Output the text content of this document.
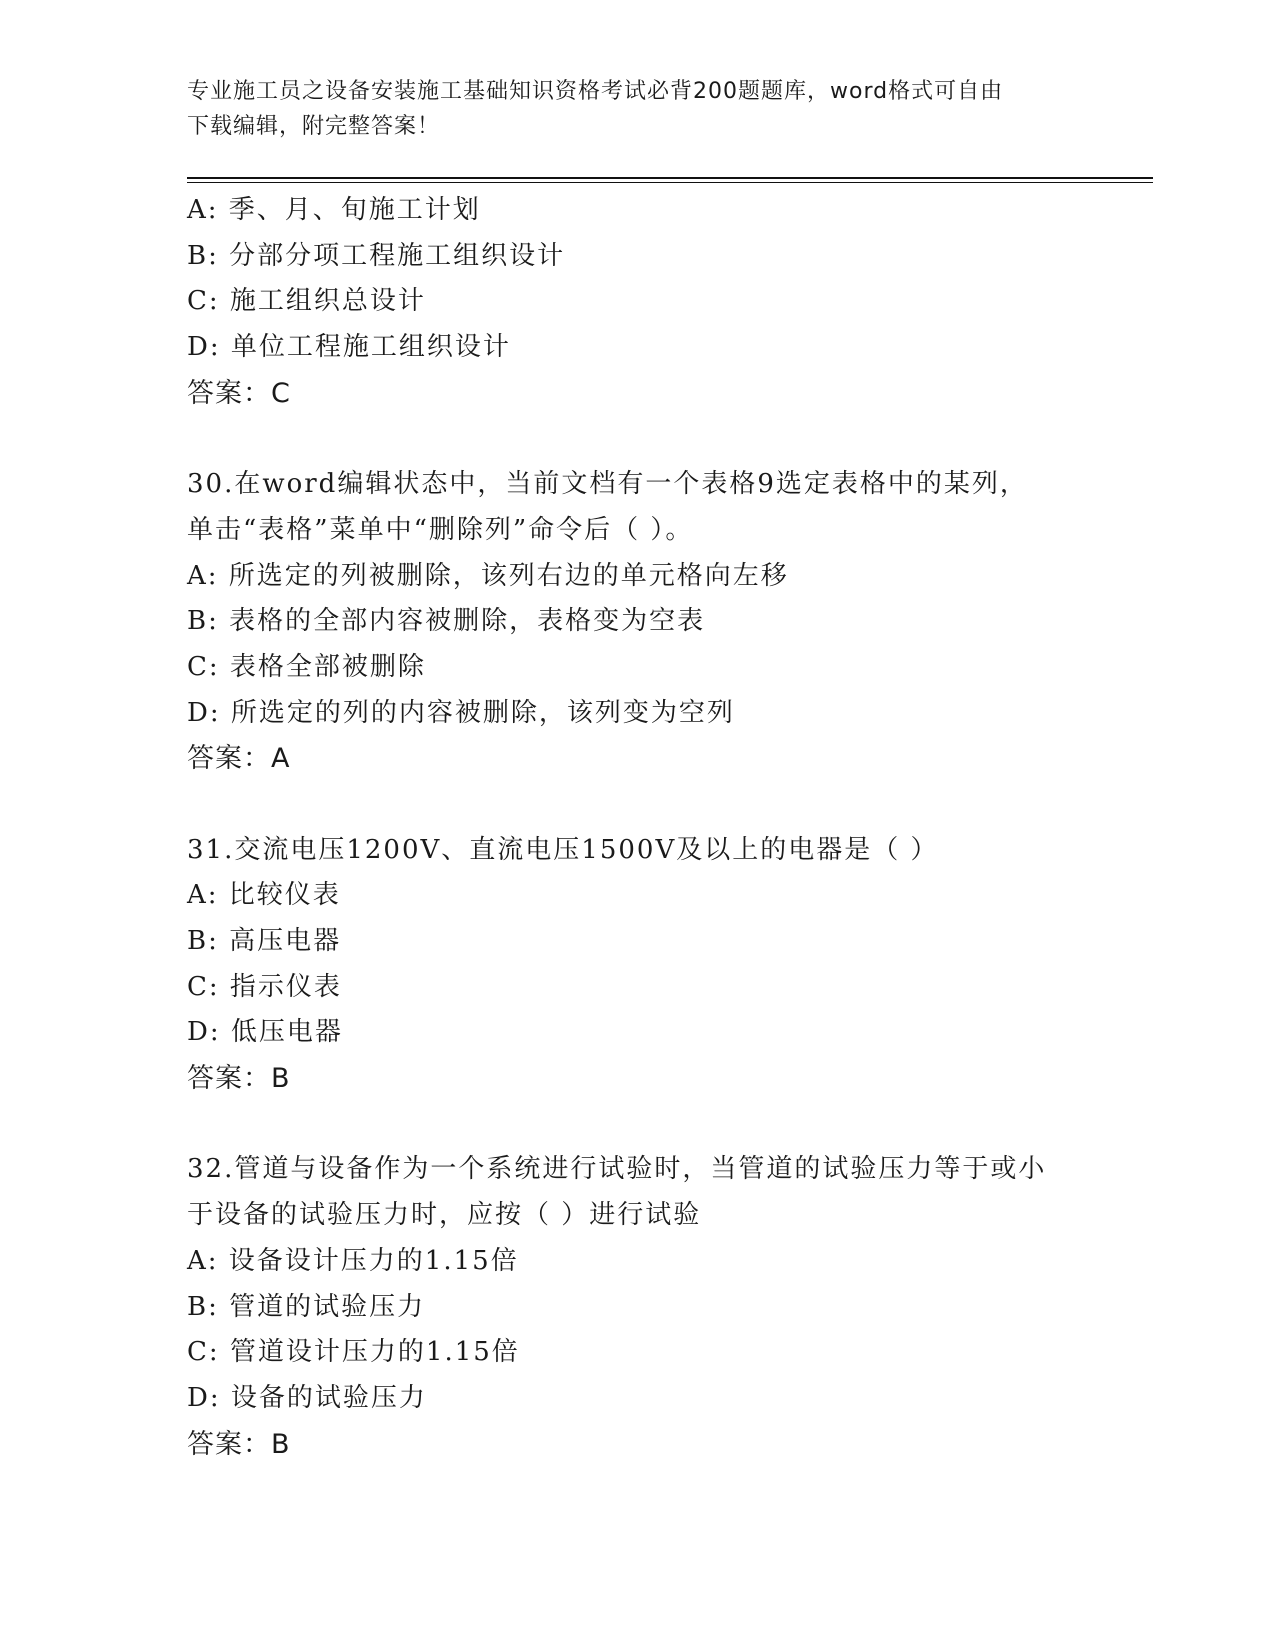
专业施工员之设备安装施工基础知识资格考试必背200题题库，word格式可自由
下载编辑，附完整答案！
A: 季、月、旬施工计划
B: 分部分项工程施工组织设计
C: 施工组织总设计
D: 单位工程施工组织设计
答案：C
30.在word编辑状态中，当前文档有一个表格9选定表格中的某列，
单击“表格”菜单中“删除列”命令后（ ）。
A: 所选定的列被删除，该列右边的单元格向左移
B: 表格的全部内容被删除，表格变为空表
C: 表格全部被删除
D: 所选定的列的内容被删除，该列变为空列
答案：A
31.交流电压1200V、直流电压1500V及以上的电器是（ ）
A: 比较仪表
B: 高压电器
C: 指示仪表
D: 低压电器
答案：B
32.管道与设备作为一个系统进行试验时，当管道的试验压力等于或小
于设备的试验压力时，应按（ ）进行试验
A: 设备设计压力的1.15倍
B: 管道的试验压力
C: 管道设计压力的1.15倍
D: 设备的试验压力
答案：B
